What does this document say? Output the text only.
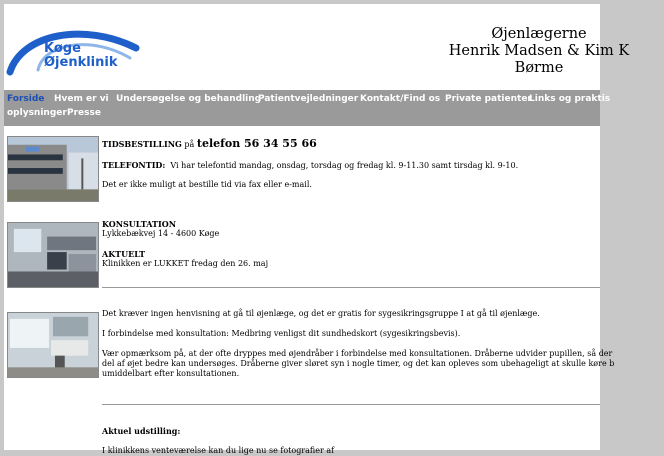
Køge
Øjenklinik
Øjenlægerne
Henrik Madsen & Kim K
Børme
Forside Hvem er vi Undersøgelse og behandling
Patientvejledninger Kontakt/Find os Private patienter
Links og praktis
oplysninger Presse
TIDSBESTILLING på telefon 56 34 55 66
TELEFONTID: Vi har telefontid mandag, onsdag, torsdag og fredag kl. 9-11.30 samt tirsdag kl. 9-10.
Det er ikke muligt at bestille tid via fax eller e-mail.
KONSULTATION
Lykkebækvej 14 - 4600 Køge
AKTUELT
Klinikken er LUKKET fredag den 26. maj
Det kræver ingen henvisning at gå til øjenlæge, og det er gratis for sygesikringsgruppe I at gå til øjenlæge.
I forbindelse med konsultation: Medbring venligst dit sundhedskort (sygesikringsbevis).
Vær opmærksom på, at der ofte dryppes med øjendråber i forbindelse med konsultationen. Dråberne udvider pupillen, så der
del af øjet bedre kan undersøges. Dråberne giver sløret syn i nogle timer, og det kan opleves som ubehageligt at skulle køre b
umiddelbart efter konsultationen.
Aktuel udstilling:
I klinikkens venteværelse kan du lige nu se fotografier af
